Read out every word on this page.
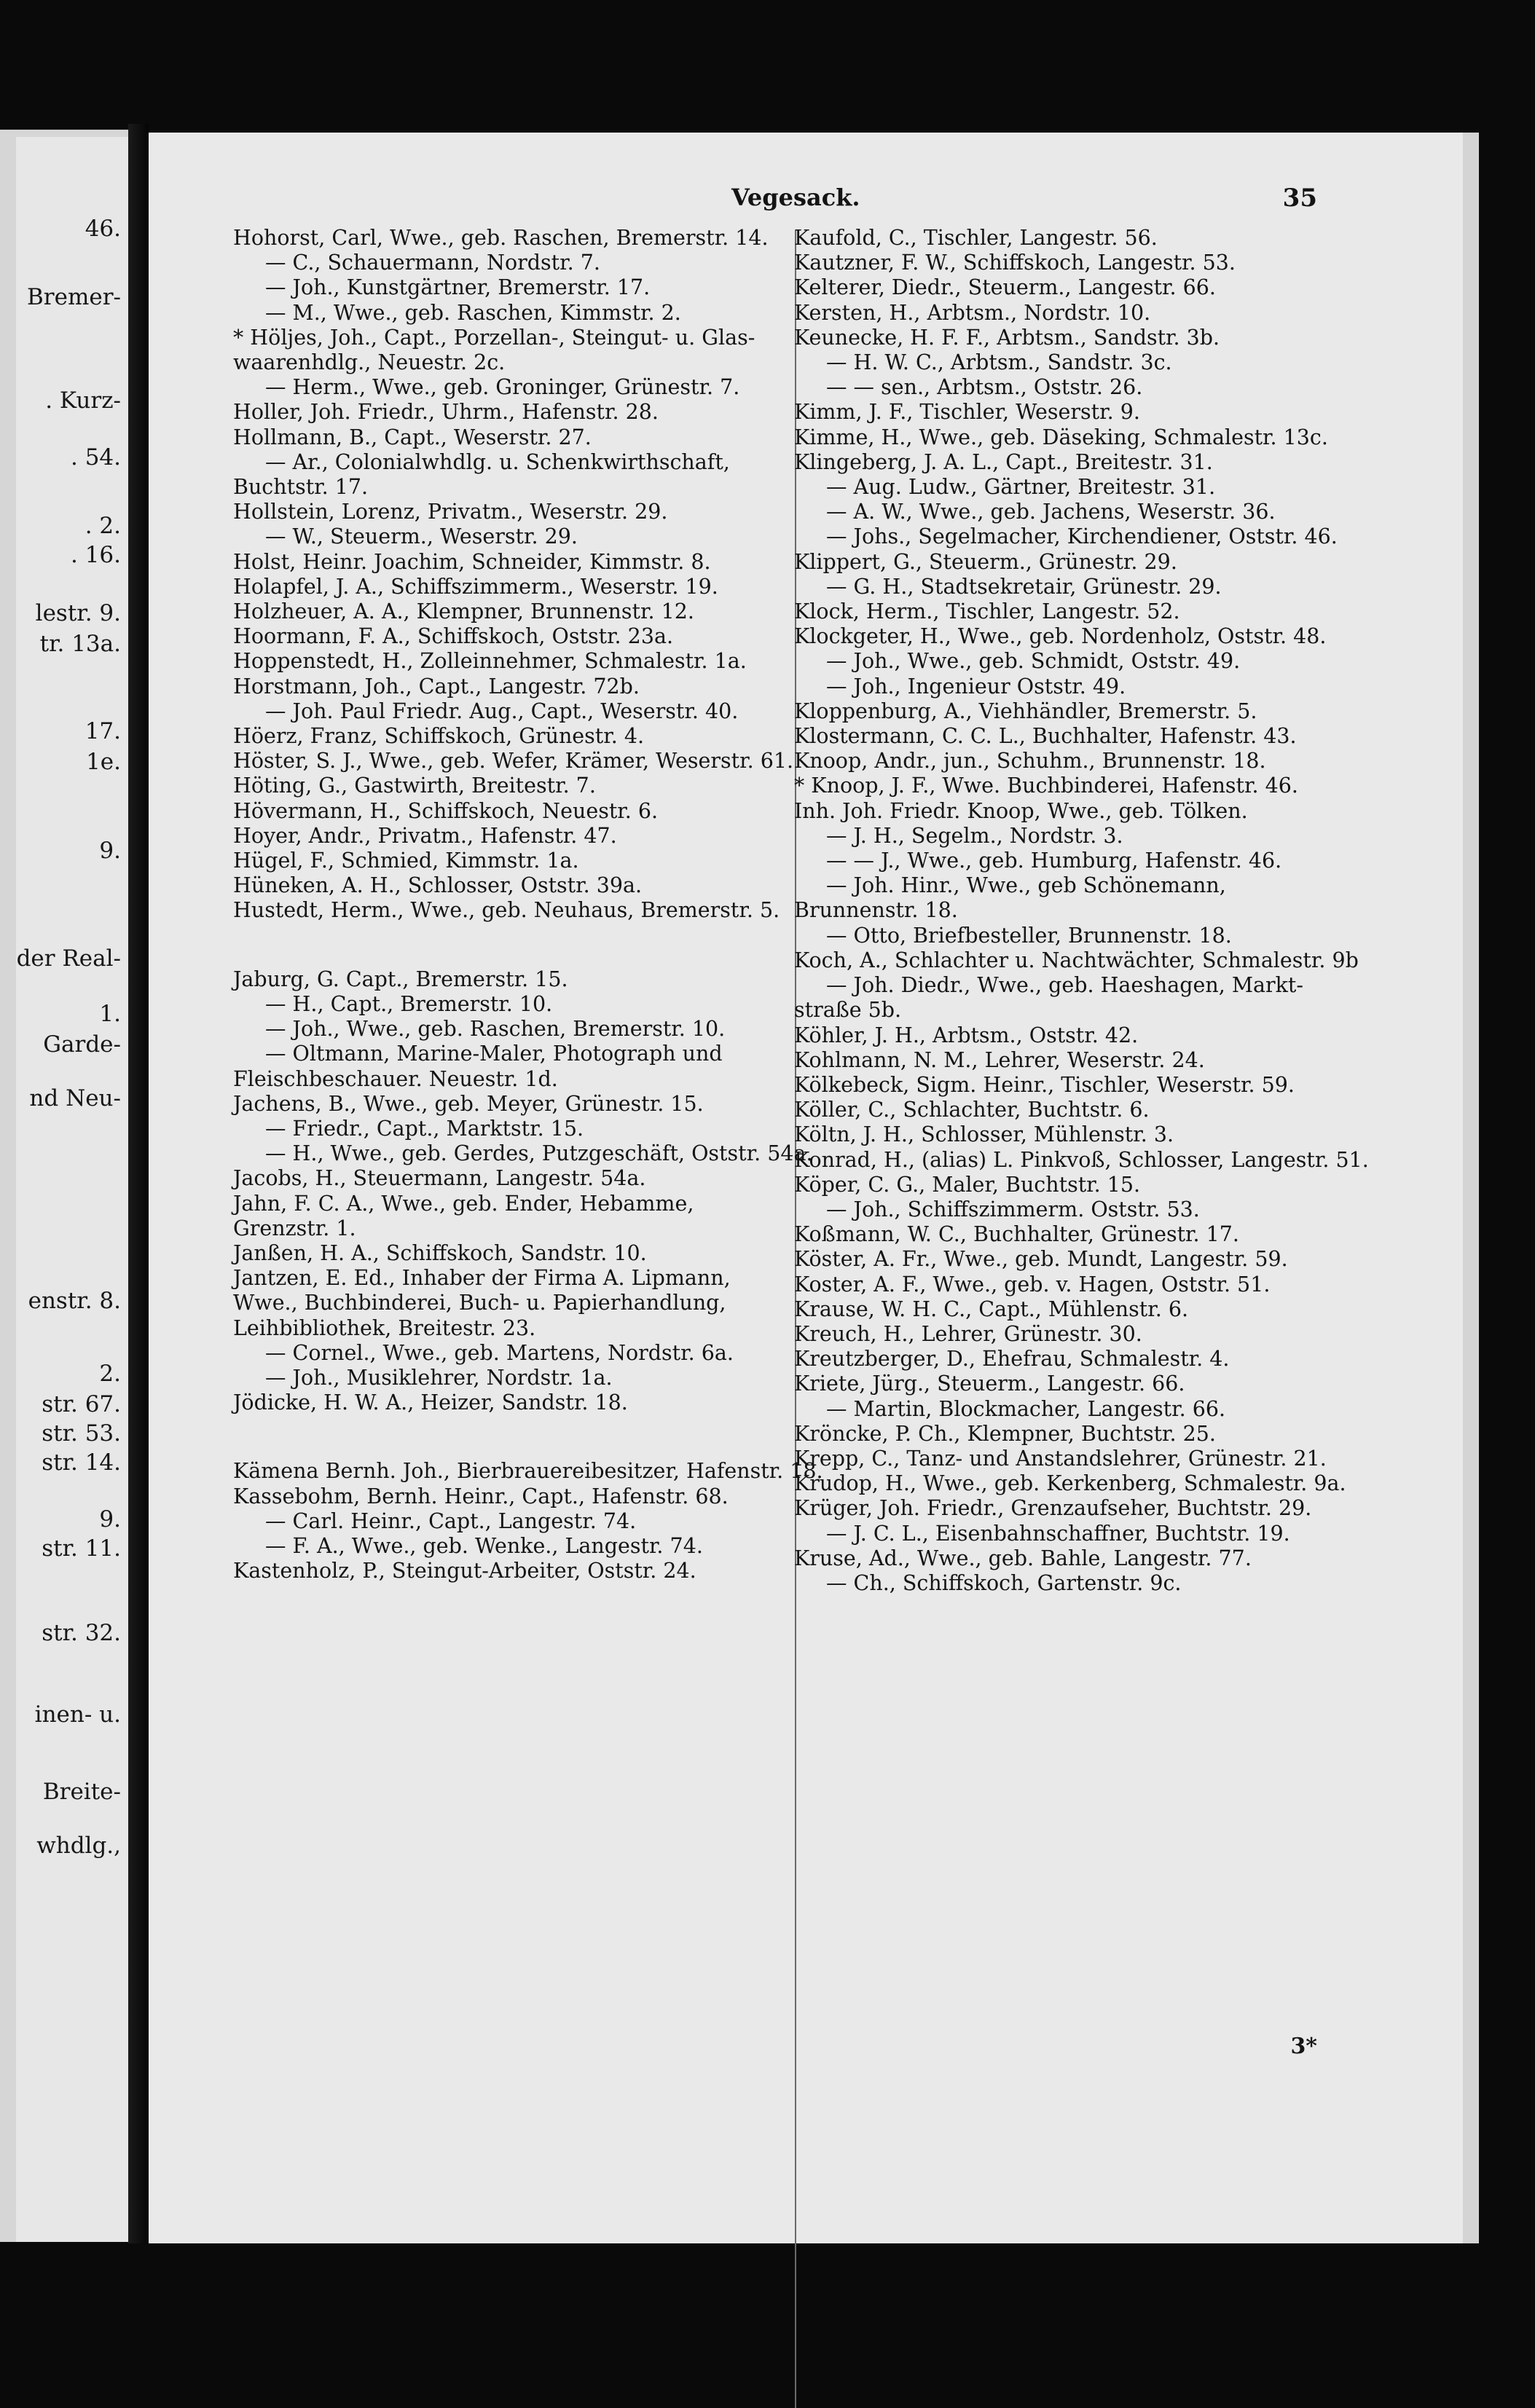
46.
Bremer-
. Kurz-
. 54.
. 2.
. 16.
lestr. 9.
tr. 13a.
17.
1e.
9.
der Real-
1.
Garde-
nd Neu-
enstr. 8.
2.
str. 67.
str. 53.
str. 14.
9.
str. 11.
str. 32.
inen- u.
Breite-
whdlg.,
Vegesack.	35
Hohorst, Carl, Wwe., geb. Raschen, Bremerstr. 14.
— C., Schauermann, Nordstr. 7.
— Joh., Kunstgärtner, Bremerstr. 17.
— M., Wwe., geb. Raschen, Kimmstr. 2.
* Höljes, Joh., Capt., Porzellan-, Steingut- u. Glas-
waarenhdlg., Neuestr. 2c.
— Herm., Wwe., geb. Groninger, Grünestr. 7.
Holler, Joh. Friedr., Uhrm., Hafenstr. 28.
Hollmann, B., Capt., Weserstr. 27.
— Ar., Colonialwhdlg. u. Schenkwirthschaft,
Buchtstr. 17.
Hollstein, Lorenz, Privatm., Weserstr. 29.
— W., Steuerm., Weserstr. 29.
Holst, Heinr. Joachim, Schneider, Kimmstr. 8.
Holapfel, J. A., Schiffszimmerm., Weserstr. 19.
Holzheuer, A. A., Klempner, Brunnenstr. 12.
Hoormann, F. A., Schiffskoch, Oststr. 23a.
Hoppenstedt, H., Zolleinnehmer, Schmalestr. 1a.
Horstmann, Joh., Capt., Langestr. 72b.
— Joh. Paul Friedr. Aug., Capt., Weserstr. 40.
Höerz, Franz, Schiffskoch, Grünestr. 4.
Höster, S. J., Wwe., geb. Wefer, Krämer, Weserstr. 61.
Höting, G., Gastwirth, Breitestr. 7.
Hövermann, H., Schiffskoch, Neuestr. 6.
Hoyer, Andr., Privatm., Hafenstr. 47.
Hügel, F., Schmied, Kimmstr. 1a.
Hüneken, A. H., Schlosser, Oststr. 39a.
Hustedt, Herm., Wwe., geb. Neuhaus, Bremerstr. 5.
Jaburg, G. Capt., Bremerstr. 15.
— H., Capt., Bremerstr. 10.
— Joh., Wwe., geb. Raschen, Bremerstr. 10.
— Oltmann, Marine-Maler, Photograph und
Fleischbeschauer. Neuestr. 1d.
Jachens, B., Wwe., geb. Meyer, Grünestr. 15.
— Friedr., Capt., Marktstr. 15.
— H., Wwe., geb. Gerdes, Putzgeschäft, Oststr. 54a.
Jacobs, H., Steuermann, Langestr. 54a.
Jahn, F. C. A., Wwe., geb. Ender, Hebamme,
Grenzstr. 1.
Janßen, H. A., Schiffskoch, Sandstr. 10.
Jantzen, E. Ed., Inhaber der Firma A. Lipmann,
Wwe., Buchbinderei, Buch- u. Papierhandlung,
Leihbibliothek, Breitestr. 23.
— Cornel., Wwe., geb. Martens, Nordstr. 6a.
— Joh., Musiklehrer, Nordstr. 1a.
Jödicke, H. W. A., Heizer, Sandstr. 18.
Kämena Bernh. Joh., Bierbrauereibesitzer, Hafenstr. 18.
Kassebohm, Bernh. Heinr., Capt., Hafenstr. 68.
— Carl. Heinr., Capt., Langestr. 74.
— F. A., Wwe., geb. Wenke., Langestr. 74.
Kastenholz, P., Steingut-Arbeiter, Oststr. 24.
Kaufold, C., Tischler, Langestr. 56.
Kautzner, F. W., Schiffskoch, Langestr. 53.
Kelterer, Diedr., Steuerm., Langestr. 66.
Kersten, H., Arbtsm., Nordstr. 10.
Keunecke, H. F. F., Arbtsm., Sandstr. 3b.
— H. W. C., Arbtsm., Sandstr. 3c.
— — sen., Arbtsm., Oststr. 26.
Kimm, J. F., Tischler, Weserstr. 9.
Kimme, H., Wwe., geb. Däseking, Schmalestr. 13c.
Klingeberg, J. A. L., Capt., Breitestr. 31.
— Aug. Ludw., Gärtner, Breitestr. 31.
— A. W., Wwe., geb. Jachens, Weserstr. 36.
— Johs., Segelmacher, Kirchendiener, Oststr. 46.
Klippert, G., Steuerm., Grünestr. 29.
— G. H., Stadtsekretair, Grünestr. 29.
Klock, Herm., Tischler, Langestr. 52.
Klockgeter, H., Wwe., geb. Nordenholz, Oststr. 48.
— Joh., Wwe., geb. Schmidt, Oststr. 49.
— Joh., Ingenieur Oststr. 49.
Kloppenburg, A., Viehhändler, Bremerstr. 5.
Klostermann, C. C. L., Buchhalter, Hafenstr. 43.
Knoop, Andr., jun., Schuhm., Brunnenstr. 18.
* Knoop, J. F., Wwe. Buchbinderei, Hafenstr. 46.
Inh. Joh. Friedr. Knoop, Wwe., geb. Tölken.
— J. H., Segelm., Nordstr. 3.
— — J., Wwe., geb. Humburg, Hafenstr. 46.
— Joh. Hinr., Wwe., geb Schönemann,
Brunnenstr. 18.
— Otto, Briefbesteller, Brunnenstr. 18.
Koch, A., Schlachter u. Nachtwächter, Schmalestr. 9b
— Joh. Diedr., Wwe., geb. Haeshagen, Markt-
straße 5b.
Köhler, J. H., Arbtsm., Oststr. 42.
Kohlmann, N. M., Lehrer, Weserstr. 24.
Kölkebeck, Sigm. Heinr., Tischler, Weserstr. 59.
Köller, C., Schlachter, Buchtstr. 6.
Költn, J. H., Schlosser, Mühlenstr. 3.
Konrad, H., (alias) L. Pinkvoß, Schlosser, Langestr. 51.
Köper, C. G., Maler, Buchtstr. 15.
— Joh., Schiffszimmerm. Oststr. 53.
Koßmann, W. C., Buchhalter, Grünestr. 17.
Köster, A. Fr., Wwe., geb. Mundt, Langestr. 59.
Koster, A. F., Wwe., geb. v. Hagen, Oststr. 51.
Krause, W. H. C., Capt., Mühlenstr. 6.
Kreuch, H., Lehrer, Grünestr. 30.
Kreutzberger, D., Ehefrau, Schmalestr. 4.
Kriete, Jürg., Steuerm., Langestr. 66.
— Martin, Blockmacher, Langestr. 66.
Kröncke, P. Ch., Klempner, Buchtstr. 25.
Krepp, C., Tanz- und Anstandslehrer, Grünestr. 21.
Krudop, H., Wwe., geb. Kerkenberg, Schmalestr. 9a.
Krüger, Joh. Friedr., Grenzaufseher, Buchtstr. 29.
— J. C. L., Eisenbahnschaffner, Buchtstr. 19.
Kruse, Ad., Wwe., geb. Bahle, Langestr. 77.
— Ch., Schiffskoch, Gartenstr. 9c.
3*
